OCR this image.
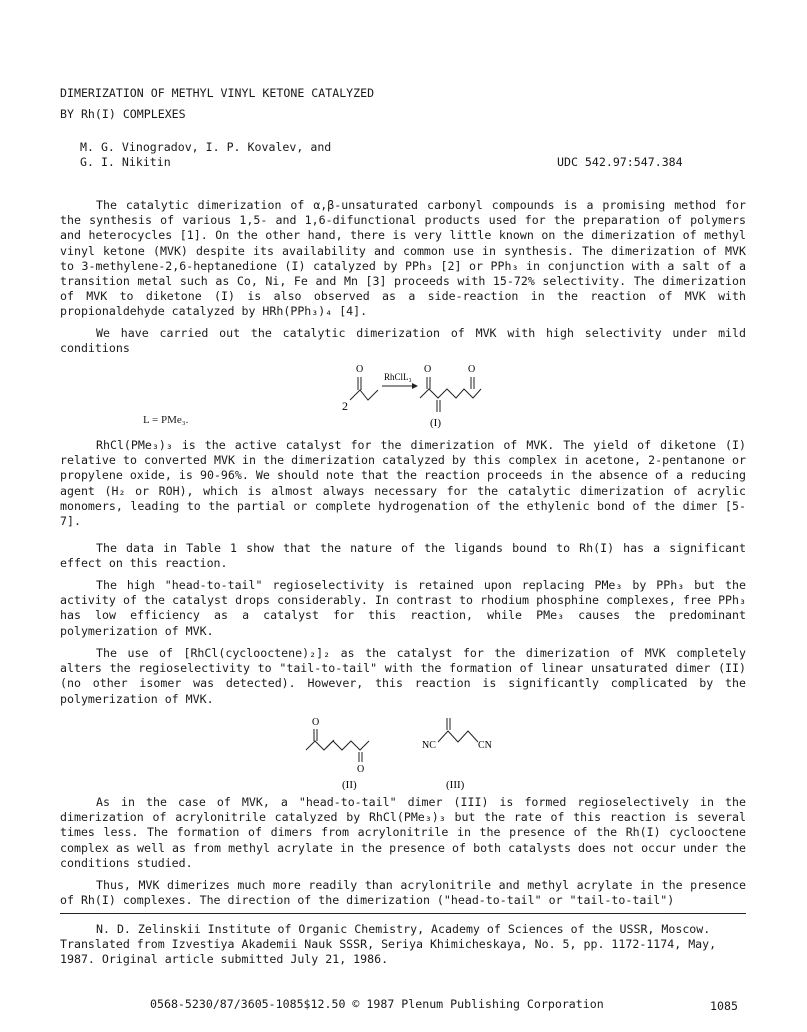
DIMERIZATION OF METHYL VINYL KETONE CATALYZED
BY Rh(I) COMPLEXES
M. G. Vinogradov, I. P. Kovalev, and
G. I. Nikitin	UDC 542.97:547.384

The catalytic dimerization of α,β-unsaturated carbonyl compounds is a promising method for the synthesis of various 1,5- and 1,6-difunctional products used for the preparation of polymers and heterocycles [1]. On the other hand, there is very little known on the dimerization of methyl vinyl ketone (MVK) despite its availability and common use in synthesis. The dimerization of MVK to 3-methylene-2,6-heptanedione (I) catalyzed by PPh₃ [2] or PPh₃ in conjunction with a salt of a transition metal such as Co, Ni, Fe and Mn [3] proceeds with 15-72% selectivity. The dimerization of MVK to diketone (I) is also observed as a side-reaction in the reaction of MVK with propionaldehyde catalyzed by HRh(PPh₃)₄ [4].

We have carried out the catalytic dimerization of MVK with high selectivity under mild conditions

2
O
RhClL₃
O	O
(I)
L = PMe₃.

RhCl(PMe₃)₃ is the active catalyst for the dimerization of MVK. The yield of diketone (I) relative to converted MVK in the dimerization catalyzed by this complex in acetone, 2-pentanone or propylene oxide, is 90-96%. We should note that the reaction proceeds in the absence of a reducing agent (H₂ or ROH), which is almost always necessary for the catalytic dimerization of acrylic monomers, leading to the partial or complete hydrogenation of the ethylenic bond of the dimer [5-7].

The data in Table 1 show that the nature of the ligands bound to Rh(I) has a significant effect on this reaction.

The high "head-to-tail" regioselectivity is retained upon replacing PMe₃ by PPh₃ but the activity of the catalyst drops considerably. In contrast to rhodium phosphine complexes, free PPh₃ has low efficiency as a catalyst for this reaction, while PMe₃ causes the predominant polymerization of MVK.

The use of [RhCl(cyclooctene)₂]₂ as the catalyst for the dimerization of MVK completely alters the regioselectivity to "tail-to-tail" with the formation of linear unsaturated dimer (II) (no other isomer was detected). However, this reaction is significantly complicated by the polymerization of MVK.

O
O
(II)
NC	CN
(III)

As in the case of MVK, a "head-to-tail" dimer (III) is formed regioselectively in the dimerization of acrylonitrile catalyzed by RhCl(PMe₃)₃ but the rate of this reaction is several times less. The formation of dimers from acrylonitrile in the presence of the Rh(I) cyclooctene complex as well as from methyl acrylate in the presence of both catalysts does not occur under the conditions studied.

Thus, MVK dimerizes much more readily than acrylonitrile and methyl acrylate in the presence of Rh(I) complexes. The direction of the dimerization ("head-to-tail" or "tail-to-tail")

N. D. Zelinskii Institute of Organic Chemistry, Academy of Sciences of the USSR, Moscow. Translated from Izvestiya Akademii Nauk SSSR, Seriya Khimicheskaya, No. 5, pp. 1172-1174, May, 1987. Original article submitted July 21, 1986.

0568-5230/87/3605-1085$12.50 © 1987 Plenum Publishing Corporation	1085
